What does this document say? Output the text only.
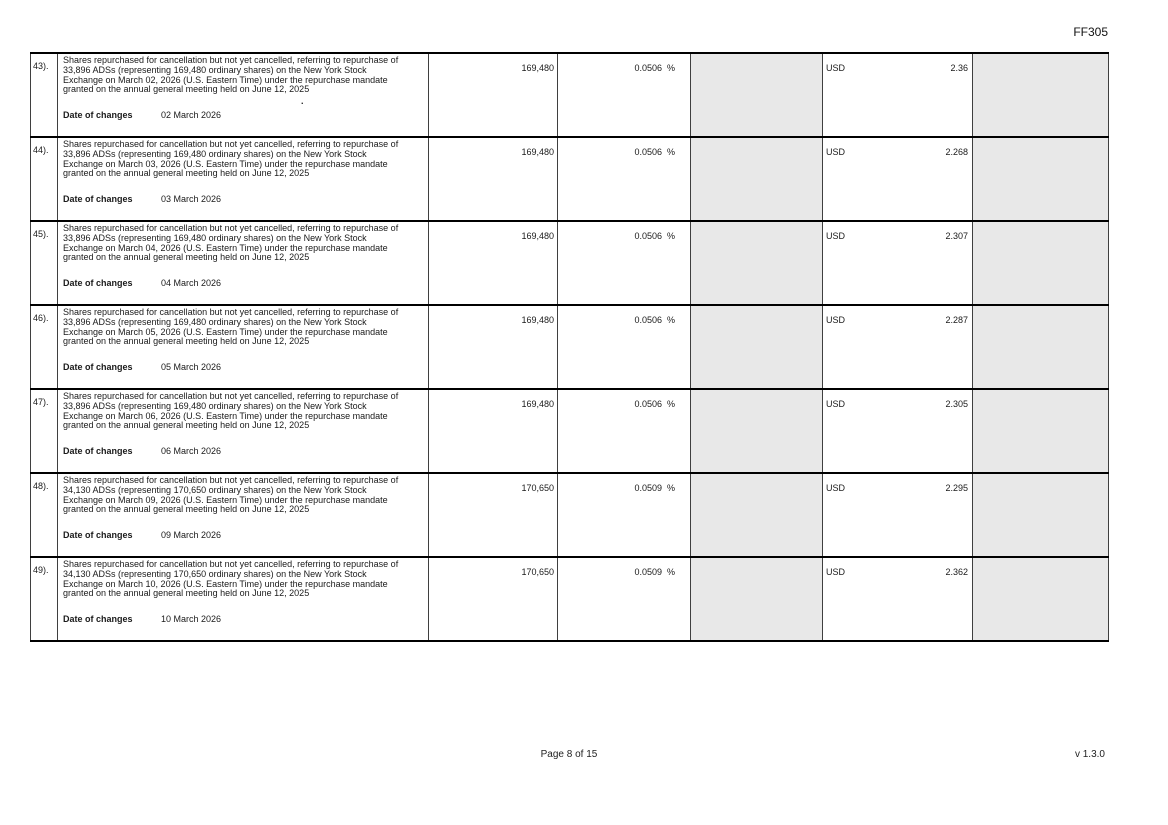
FF305
43).	
Shares repurchased for cancellation but not yet cancelled, referring to repurchase of 33,896 ADSs (representing 169,480 ordinary shares) on the New York Stock Exchange on March 02, 2026 (U.S. Eastern Time) under the repurchase mandate granted on the annual general meeting held on June 12, 2025
.
Date of changes	02 March 2026
	169,480	0.0506 %		USD	2.36

44).	
Shares repurchased for cancellation but not yet cancelled, referring to repurchase of 33,896 ADSs (representing 169,480 ordinary shares) on the New York Stock Exchange on March 03, 2026 (U.S. Eastern Time) under the repurchase mandate granted on the annual general meeting held on June 12, 2025
Date of changes	03 March 2026
	169,480	0.0506 %		USD	2.268

45).	
Shares repurchased for cancellation but not yet cancelled, referring to repurchase of 33,896 ADSs (representing 169,480 ordinary shares) on the New York Stock Exchange on March 04, 2026 (U.S. Eastern Time) under the repurchase mandate granted on the annual general meeting held on June 12, 2025
Date of changes	04 March 2026
	169,480	0.0506 %		USD	2.307

46).	
Shares repurchased for cancellation but not yet cancelled, referring to repurchase of 33,896 ADSs (representing 169,480 ordinary shares) on the New York Stock Exchange on March 05, 2026 (U.S. Eastern Time) under the repurchase mandate granted on the annual general meeting held on June 12, 2025
Date of changes	05 March 2026
	169,480	0.0506 %		USD	2.287

47).	
Shares repurchased for cancellation but not yet cancelled, referring to repurchase of 33,896 ADSs (representing 169,480 ordinary shares) on the New York Stock Exchange on March 06, 2026 (U.S. Eastern Time) under the repurchase mandate granted on the annual general meeting held on June 12, 2025
Date of changes	06 March 2026
	169,480	0.0506 %		USD	2.305

48).	
Shares repurchased for cancellation but not yet cancelled, referring to repurchase of 34,130 ADSs (representing 170,650 ordinary shares) on the New York Stock Exchange on March 09, 2026 (U.S. Eastern Time) under the repurchase mandate granted on the annual general meeting held on June 12, 2025
Date of changes	09 March 2026
	170,650	0.0509 %		USD	2.295

49).	
Shares repurchased for cancellation but not yet cancelled, referring to repurchase of 34,130 ADSs (representing 170,650 ordinary shares) on the New York Stock Exchange on March 10, 2026 (U.S. Eastern Time) under the repurchase mandate granted on the annual general meeting held on June 12, 2025
Date of changes	10 March 2026
	170,650	0.0509 %		USD	2.362

Page 8 of 15	v 1.3.0
